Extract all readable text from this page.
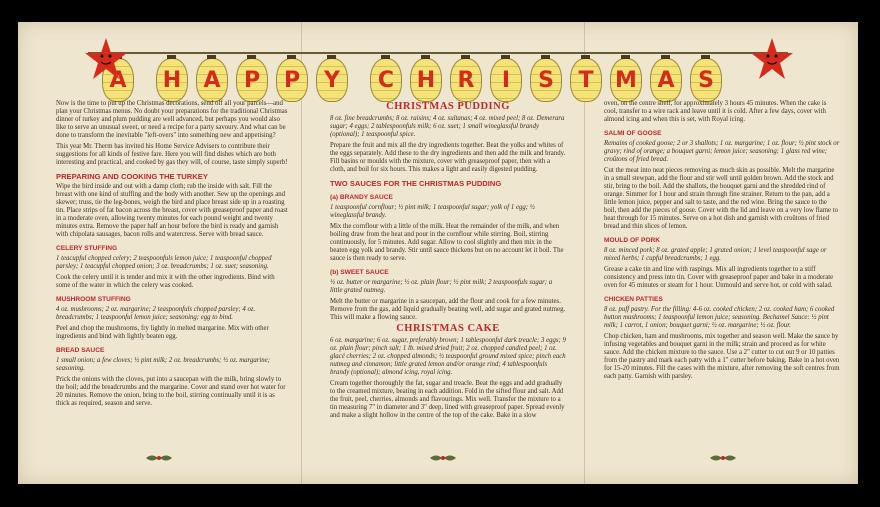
A H A P P Y C H R I S T M A S

Now is the time to put up the Christmas decorations, send off all your parcels—and plan your Christmas menus. No doubt your preparations for the traditional Christmas dinner of turkey and plum pudding are well advanced, but perhaps you would also like to serve an unusual sweet, or need a recipe for a party savoury. And what can be done to transform the inevitable "left-overs" into something new and appetising?

This year Mr. Therm has invited his Home Service Advisers to contribute their suggestions for all kinds of festive fare. Here you will find dishes which are both interesting and practical, and cooked by gas they will, of course, taste simply superb!

PREPARING AND COOKING THE TURKEY

Wipe the bird inside and out with a damp cloth; rub the inside with salt. Fill the breast with one kind of stuffing and the body with another. Sew up the openings and skewer; truss, tie the leg-bones, weigh the bird and place breast side up in a roasting tin. Place strips of fat bacon across the breast, cover with greaseproof paper and roast in a moderate oven, allowing twenty minutes for each pound weight and twenty minutes extra. Remove the paper half an hour before the bird is ready and garnish with chipolata sausages, bacon rolls and watercress. Serve with bread sauce.

CELERY STUFFING

1 teacupful chopped celery; 2 teaspoonfuls lemon juice; 1 teaspoonful chopped parsley; 1 teacupful chopped onion; 3 oz. breadcrumbs; 1 oz. suet; seasoning.

Cook the celery until it is tender and mix it with the other ingredients. Bind with some of the water in which the celery was cooked.

MUSHROOM STUFFING

4 oz. mushrooms; 2 oz. margarine; 2 teaspoonfuls chopped parsley; 4 oz. breadcrumbs; 1 teaspoonful lemon juice; seasoning; egg to bind.

Peel and chop the mushrooms, fry lightly in melted margarine. Mix with other ingredients and bind with lightly beaten egg.

BREAD SAUCE

1 small onion; a few cloves; ½ pint milk; 2 oz. breadcrumbs; ½ oz. margarine; seasoning.

Prick the onions with the cloves, put into a saucepan with the milk, bring slowly to the boil; add the breadcrumbs and the margarine. Cover and stand over hot water for 20 minutes. Remove the onion, bring to the boil, stirring continually until it is as thick as required, season and serve.

CHRISTMAS PUDDING

8 oz. fine breadcrumbs; 8 oz. raisins; 4 oz. sultanas; 4 oz. mixed peel; 8 oz. Demerara sugar; 4 eggs; 2 tablespoonfuls milk; 6 oz. suet; 1 small wineglassful brandy (optional); 1 teaspoonful spice.

Prepare the fruit and mix all the dry ingredients together. Beat the yolks and whites of the eggs separately. Add these to the dry ingredients and then add the milk and brandy. Fill basins or moulds with the mixture, cover with greaseproof paper, then with a cloth, and boil for six hours. This makes a light and easily digested pudding.

TWO SAUCES FOR THE CHRISTMAS PUDDING
(a) BRANDY SAUCE

1 teaspoonful cornflour; ½ pint milk; 1 teaspoonful sugar; yolk of 1 egg; ½ wineglassful brandy.

Mix the cornflour with a little of the milk. Heat the remainder of the milk, and when boiling draw from the heat and pour in the cornflour while stirring. Boil, stirring continuously, for 5 minutes. Add sugar. Allow to cool slightly and then mix in the beaten egg yolk and brandy. Stir until sauce thickens but on no account let it boil. The sauce is then ready to serve.

(b) SWEET SAUCE

½ oz. butter or margarine; ½ oz. plain flour; ½ pint milk; 2 teaspoonfuls sugar; a little grated nutmeg.

Melt the butter or margarine in a saucepan, add the flour and cook for a few minutes. Remove from the gas, add liquid gradually beating well, add sugar and grated nutmeg. This will make a flowing sauce.

CHRISTMAS CAKE

6 oz. margarine; 6 oz. sugar, preferably brown; 1 tablespoonful dark treacle; 3 eggs; 9 oz. plain flour; pinch salt; 1 lb. mixed dried fruit; 2 oz. chopped candied peel; 1 oz. glacé cherries; 2 oz. chopped almonds; ½ teaspoonful ground mixed spice; pinch each nutmeg and cinnamon; little grated lemon and/or orange rind; 4 tablespoonfuls brandy (optional); almond icing, royal icing.

Cream together thoroughly the fat, sugar and treacle. Beat the eggs and add gradually to the creamed mixture, beating in each addition. Fold in the sifted flour and salt. Add the fruit, peel, cherries, almonds and flavourings. Mix well. Transfer the mixture to a tin measuring 7" in diameter and 3" deep, lined with greaseproof paper. Spread evenly and make a slight hollow in the centre of the top of the cake. Bake in a slow

oven, on the centre shelf, for approximately 3 hours 45 minutes. When the cake is cool, transfer to a wire rack and leave until it is cold. After a few days, cover with almond icing and when this is set, with Royal icing.

SALMI OF GOOSE

Remains of cooked goose; 2 or 3 shallots; 1 oz. margarine; 1 oz. flour; ½ pint stock or gravy; rind of orange; a bouquet garni; lemon juice; seasoning; 1 glass red wine; croûtons of fried bread.

Cut the meat into neat pieces removing as much skin as possible. Melt the margarine in a small stewpan, add the flour and stir well until golden brown. Add the stock and stir, bring to the boil. Add the shallots, the bouquet garni and the shredded rind of orange. Simmer for 1 hour and strain through fine strainer. Return to the pan, add a little lemon juice, pepper and salt to taste, and the red wine. Bring the sauce to the boil, then add the pieces of goose. Cover with the lid and leave on a very low flame to heat through for 15 minutes. Serve on a hot dish and garnish with croûtons of fried bread and thin slices of lemon.

MOULD OF PORK

8 oz. minced pork; 8 oz. grated apple; 1 grated onion; 1 level teaspoonful sage or mixed herbs; 1 cupful breadcrumbs; 1 egg.

Grease a cake tin and line with raspings. Mix all ingredients together to a stiff consistency and press into tin. Cover with greaseproof paper and bake in a moderate oven for 45 minutes or steam for 1 hour. Unmould and serve hot, or cold with salad.

CHICKEN PATTIES

8 oz. puff pastry. For the filling: 4-6 oz. cooked chicken; 2 oz. cooked ham; 6 cooked button mushrooms; 1 teaspoonful lemon juice; seasoning. Bechamel Sauce: ½ pint milk; 1 carrot, 1 onion; bouquet garni; ½ oz. margarine; ½ oz. flour.

Chop chicken, ham and mushrooms, mix together and season well. Make the sauce by infusing vegetables and bouquet garni in the milk; strain and proceed as for white sauce. Add the chicken mixture to the sauce. Use a 2" cutter to cut out 9 or 10 patties from the pastry and mark each patty with a 1" cutter before baking. Bake in a hot oven for 15-20 minutes. Fill the cases with the mixture, after removing the soft centres from each patty. Garnish with parsley.
